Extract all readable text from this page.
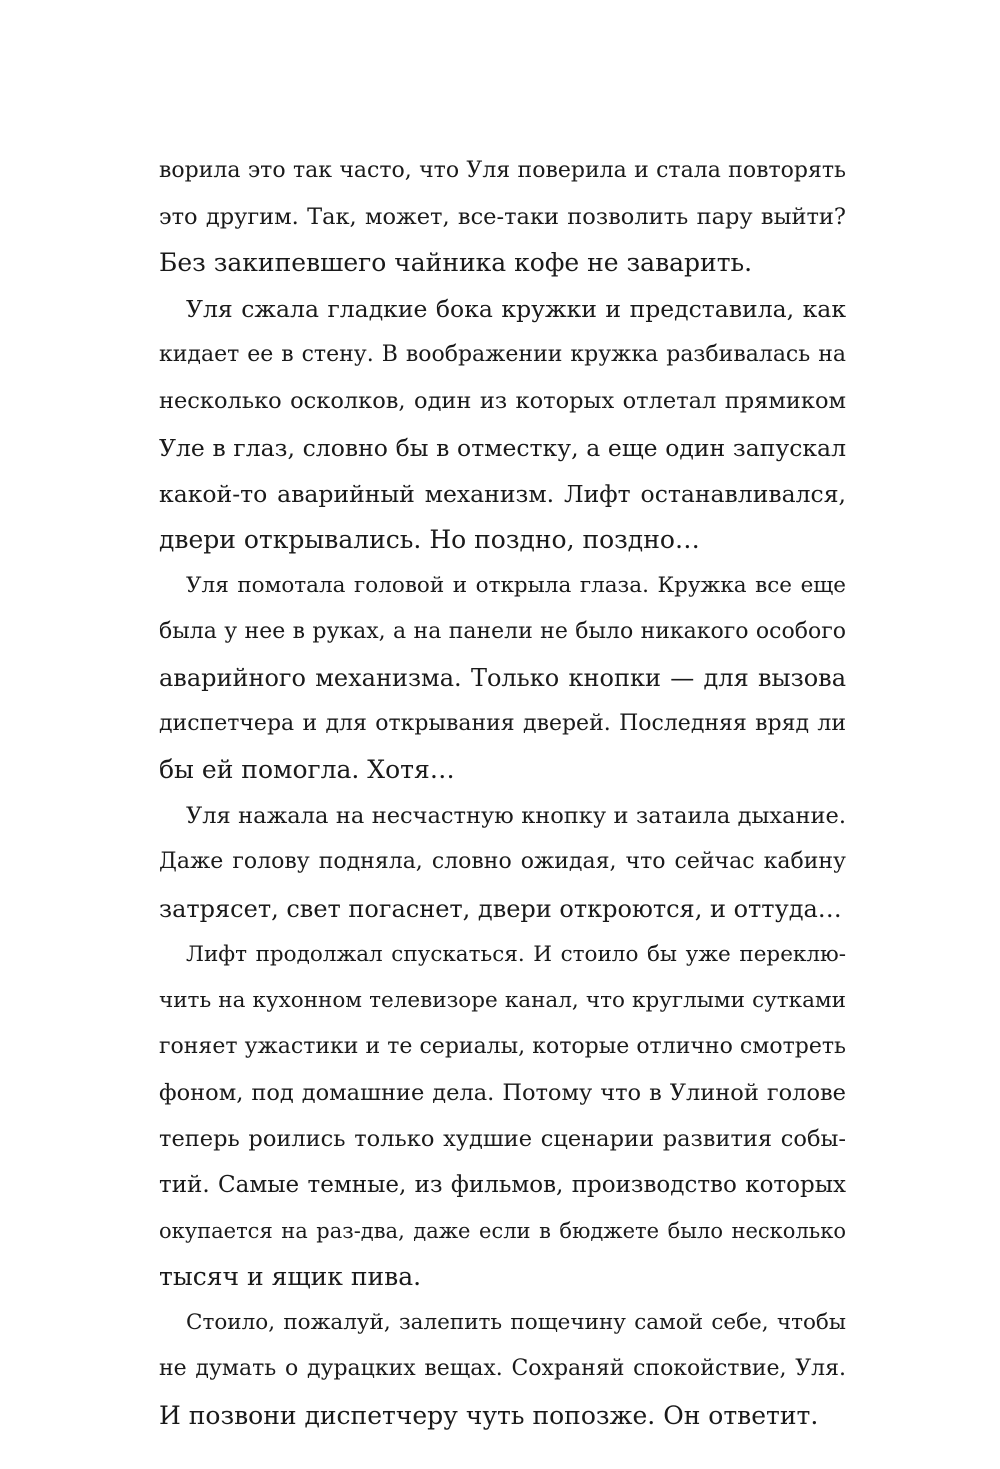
ворила это так часто, что Уля поверила и стала повторять
это другим. Так, может, все-таки позволить пару выйти?
Без закипевшего чайника кофе не заварить.
Уля сжала гладкие бока кружки и представила, как
кидает ее в стену. В воображении кружка разбивалась на
несколько осколков, один из которых отлетал прямиком
Уле в глаз, словно бы в отместку, а еще один запускал
какой-то аварийный механизм. Лифт останавливался,
двери открывались. Но поздно, поздно…
Уля помотала головой и открыла глаза. Кружка все еще
была у нее в руках, а на панели не было никакого особого
аварийного механизма. Только кнопки — для вызова
диспетчера и для открывания дверей. Последняя вряд ли
бы ей помогла. Хотя…
Уля нажала на несчастную кнопку и затаила дыхание.
Даже голову подняла, словно ожидая, что сейчас кабину
затрясет, свет погаснет, двери откроются, и оттуда…
Лифт продолжал спускаться. И стоило бы уже переклю-
чить на кухонном телевизоре канал, что круглыми сутками
гоняет ужастики и те сериалы, которые отлично смотреть
фоном, под домашние дела. Потому что в Улиной голове
теперь роились только худшие сценарии развития собы-
тий. Самые темные, из фильмов, производство которых
окупается на раз-два, даже если в бюджете было несколько
тысяч и ящик пива.
Стоило, пожалуй, залепить пощечину самой себе, чтобы
не думать о дурацких вещах. Сохраняй спокойствие, Уля.
И позвони диспетчеру чуть попозже. Он ответит.
